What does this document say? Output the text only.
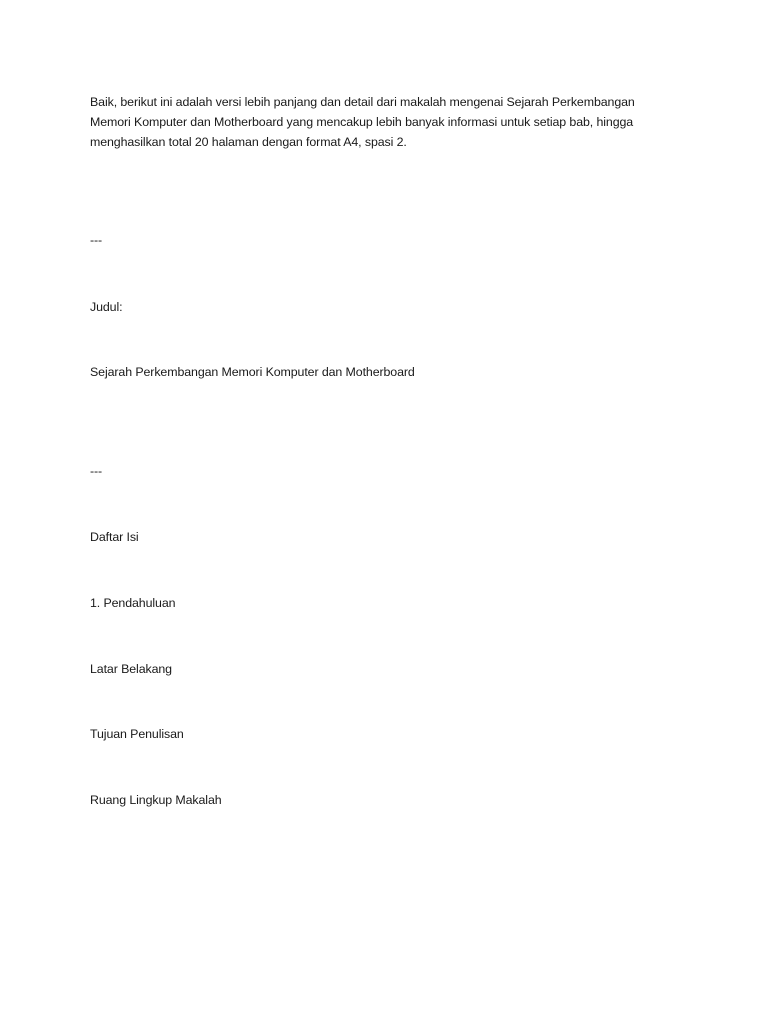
Baik, berikut ini adalah versi lebih panjang dan detail dari makalah mengenai Sejarah Perkembangan
Memori Komputer dan Motherboard yang mencakup lebih banyak informasi untuk setiap bab, hingga
menghasilkan total 20 halaman dengan format A4, spasi 2.

---

Judul:

Sejarah Perkembangan Memori Komputer dan Motherboard

---

Daftar Isi

1. Pendahuluan

Latar Belakang

Tujuan Penulisan

Ruang Lingkup Makalah
